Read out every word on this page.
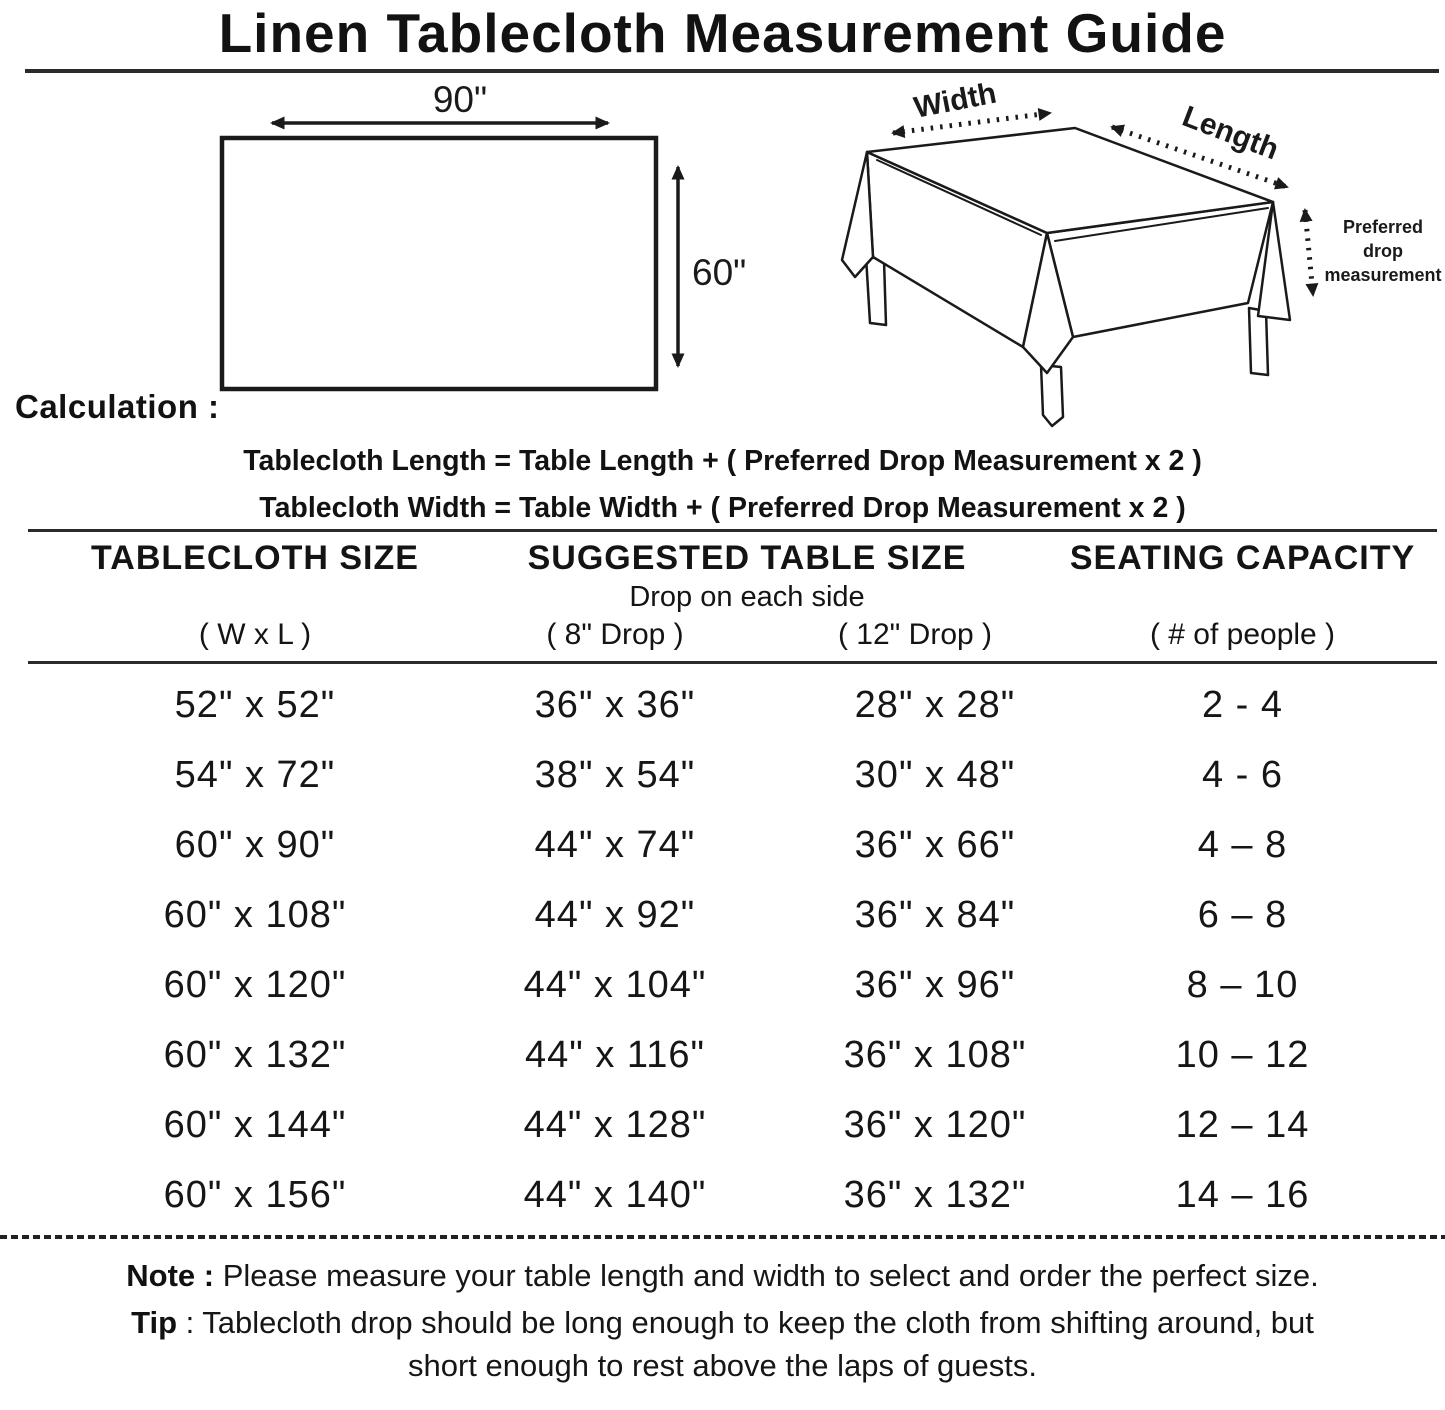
Linen Tablecloth Measurement Guide
90"
60"
Width	Length
Preferred
drop
measurement
Calculation :
Tablecloth Length = Table Length + ( Preferred Drop Measurement x 2 )
Tablecloth Width = Table Width + ( Preferred Drop Measurement x 2 )
TABLECLOTH SIZE
( W x L )
SUGGESTED TABLE SIZE
Drop on each side
( 8" Drop )	( 12" Drop )
SEATING CAPACITY
( # of people )
52" x 52"	36" x 36"	28" x 28"	2 - 4
54" x 72"	38" x 54"	30" x 48"	4 - 6
60" x 90"	44" x 74"	36" x 66"	4 – 8
60" x 108"	44" x 92"	36" x 84"	6 – 8
60" x 120"	44" x 104"	36" x 96"	8 – 10
60" x 132"	44" x 116"	36" x 108"	10 – 12
60" x 144"	44" x 128"	36" x 120"	12 – 14
60" x 156"	44" x 140"	36" x 132"	14 – 16

Note : Please measure your table length and width to select and order the perfect size.

Tip : Tablecloth drop should be long enough to keep the cloth from shifting around, but

short enough to rest above the laps of guests.
